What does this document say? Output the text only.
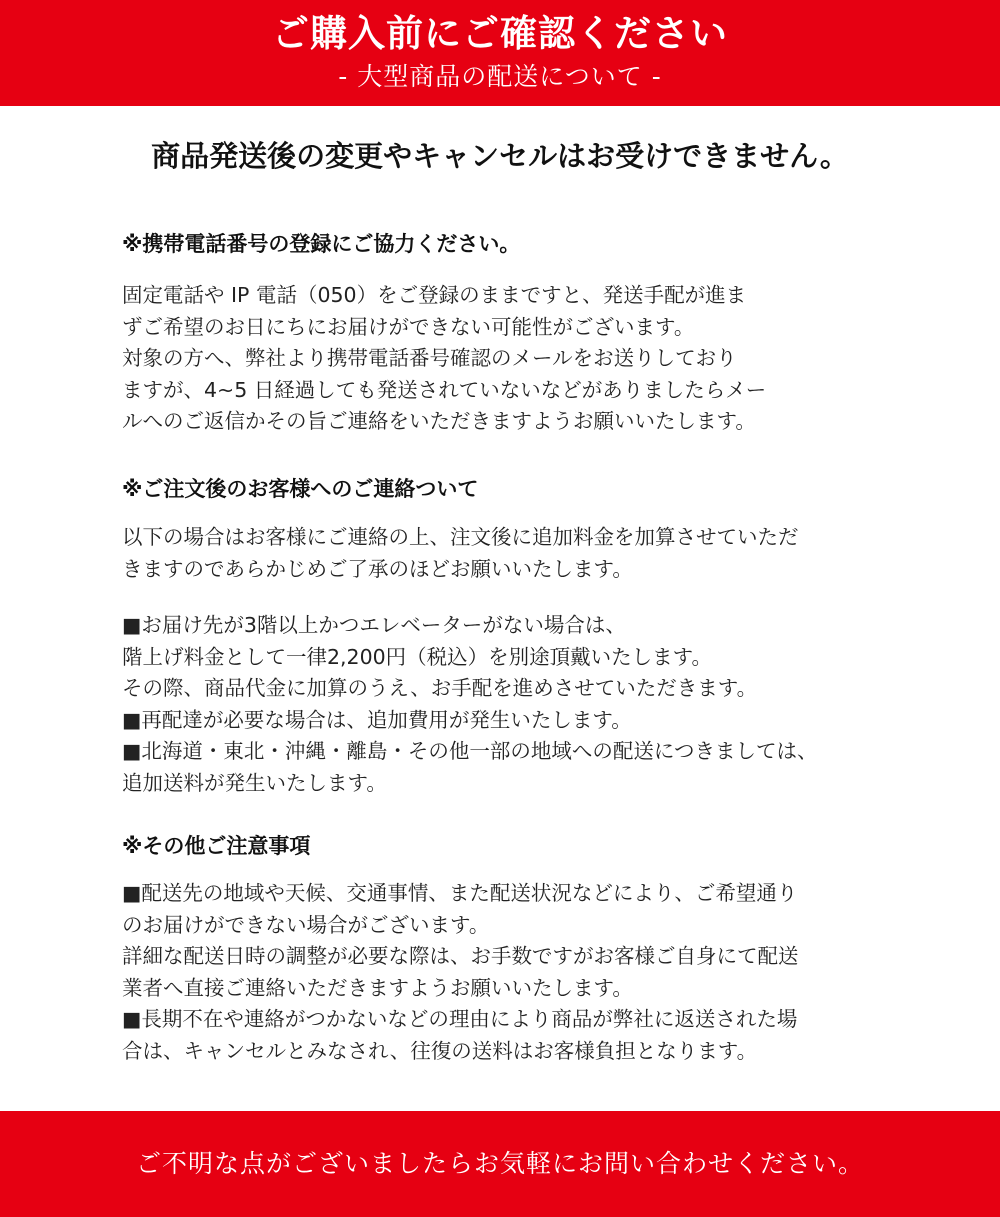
ご購入前にご確認ください
- 大型商品の配送について -
商品発送後の変更やキャンセルはお受けできません。
※携帯電話番号の登録にご協力ください。
固定電話や IP 電話（050）をご登録のままですと、発送手配が進ま
ずご希望のお日にちにお届けができない可能性がございます。
対象の方へ、弊社より携帯電話番号確認のメールをお送りしており
ますが、4~5 日経過しても発送されていないなどがありましたらメー
ルへのご返信かその旨ご連絡をいただきますようお願いいたします。
※ご注文後のお客様へのご連絡ついて
以下の場合はお客様にご連絡の上、注文後に追加料金を加算させていただ
きますのであらかじめご了承のほどお願いいたします。
■お届け先が3階以上かつエレベーターがない場合は、
階上げ料金として一律2,200円（税込）を別途頂戴いたします。
その際、商品代金に加算のうえ、お手配を進めさせていただきます。
■再配達が必要な場合は、追加費用が発生いたします。
■北海道・東北・沖縄・離島・その他一部の地域への配送につきましては、
追加送料が発生いたします。
※その他ご注意事項
■配送先の地域や天候、交通事情、また配送状況などにより、ご希望通り
のお届けができない場合がございます。
詳細な配送日時の調整が必要な際は、お手数ですがお客様ご自身にて配送
業者へ直接ご連絡いただきますようお願いいたします。
■長期不在や連絡がつかないなどの理由により商品が弊社に返送された場
合は、キャンセルとみなされ、往復の送料はお客様負担となります。
ご不明な点がございましたらお気軽にお問い合わせください。
